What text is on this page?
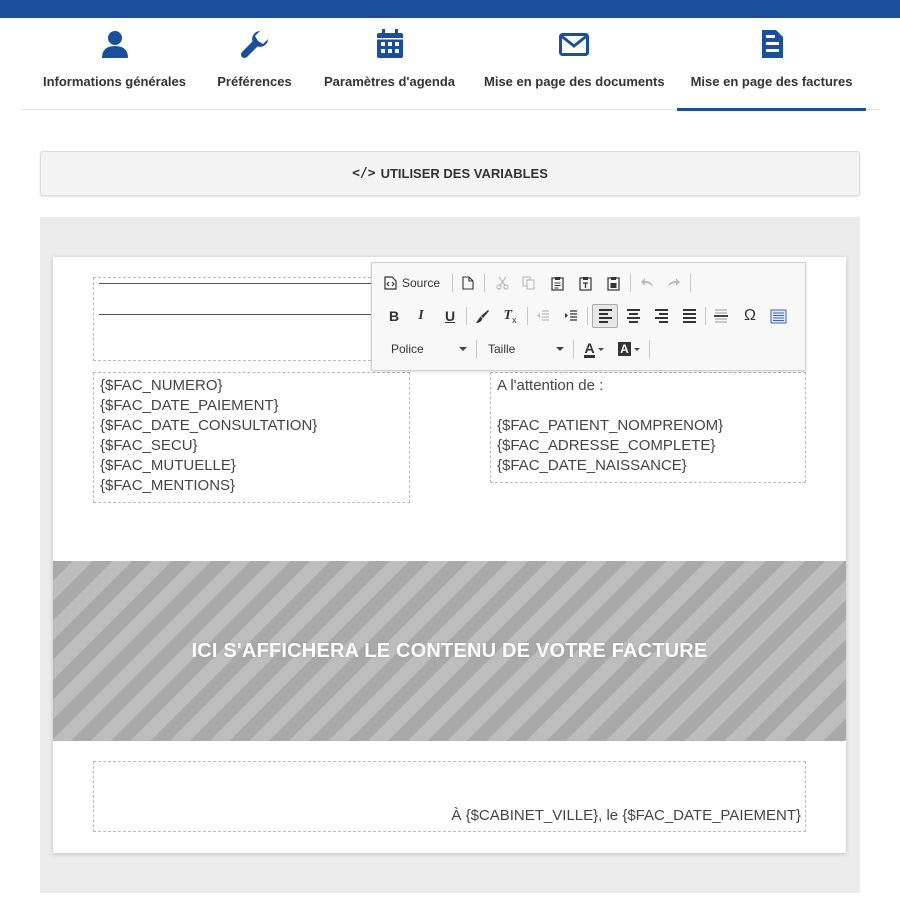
Informations générales	Préférences	Paramètres d'agenda Mise en page des documents	Mise en page des factures
</> UTILISER DES VARIABLES
{$FAC_NUMERO}
{$FAC_DATE_PAIEMENT}
{$FAC_DATE_CONSULTATION}
{$FAC_SECU}
{$FAC_MUTUELLE}
{$FAC_MENTIONS}
A l'attention de :

{$FAC_PATIENT_NOMPRENOM}
{$FAC_ADRESSE_COMPLETE}
{$FAC_DATE_NAISSANCE}
ICI S'AFFICHERA LE CONTENU DE VOTRE FACTURE
À {$CABINET_VILLE}, le {$FAC_DATE_PAIEMENT}
Source
B	I	U	T x	Ω
Police	Taille	A A
